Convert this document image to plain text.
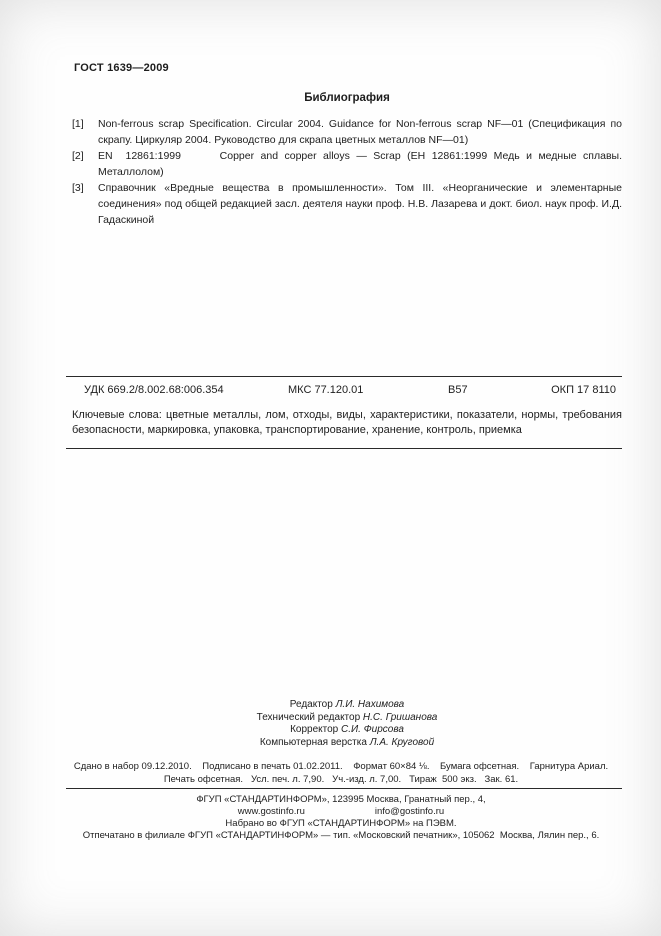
ГОСТ 1639—2009
Библиография
[1]	Non-ferrous scrap Specification. Circular 2004. Guidance for Non-ferrous scrap NF—01 (Спецификация по скрапу. Циркуляр 2004. Руководство для скрапа цветных металлов NF—01)
[2]	EN  12861:1999      Copper and copper alloys — Scrap (ЕН 12861:1999 Медь и медные сплавы. Металлолом)
[3]	Справочник «Вредные вещества в промышленности». Том III. «Неорганические и элементарные соединения» под общей редакцией засл. деятеля науки проф. Н.В. Лазарева и докт. биол. наук проф. И.Д. Гадаскиной
УДК 669.2/8.002.68:006.354	МКС 77.120.01	В57	ОКП 17 8110
Ключевые слова: цветные металлы, лом, отходы, виды, характеристики, показатели, нормы, требования безопасности, маркировка, упаковка, транспортирование, хранение, контроль, приемка
Редактор Л.И. Нахимова
Технический редактор Н.С. Гришанова
Корректор С.И. Фирсова
Компьютерная верстка Л.А. Круговой
Сдано в набор 09.12.2010.    Подписано в печать 01.02.2011.    Формат 60×84 ⅛.    Бумага офсетная.    Гарнитура Ариал.
Печать офсетная.   Усл. печ. л. 7,90.   Уч.-изд. л. 7,00.   Тираж  500 экз.   Зак. 61.
ФГУП «СТАНДАРТИНФОРМ», 123995 Москва, Гранатный пер., 4,
www.gostinfo.ru	info@gostinfo.ru
Набрано во ФГУП «СТАНДАРТИНФОРМ» на ПЭВМ.
Отпечатано в филиале ФГУП «СТАНДАРТИНФОРМ» — тип. «Московский печатник», 105062  Москва, Лялин пер., 6.
